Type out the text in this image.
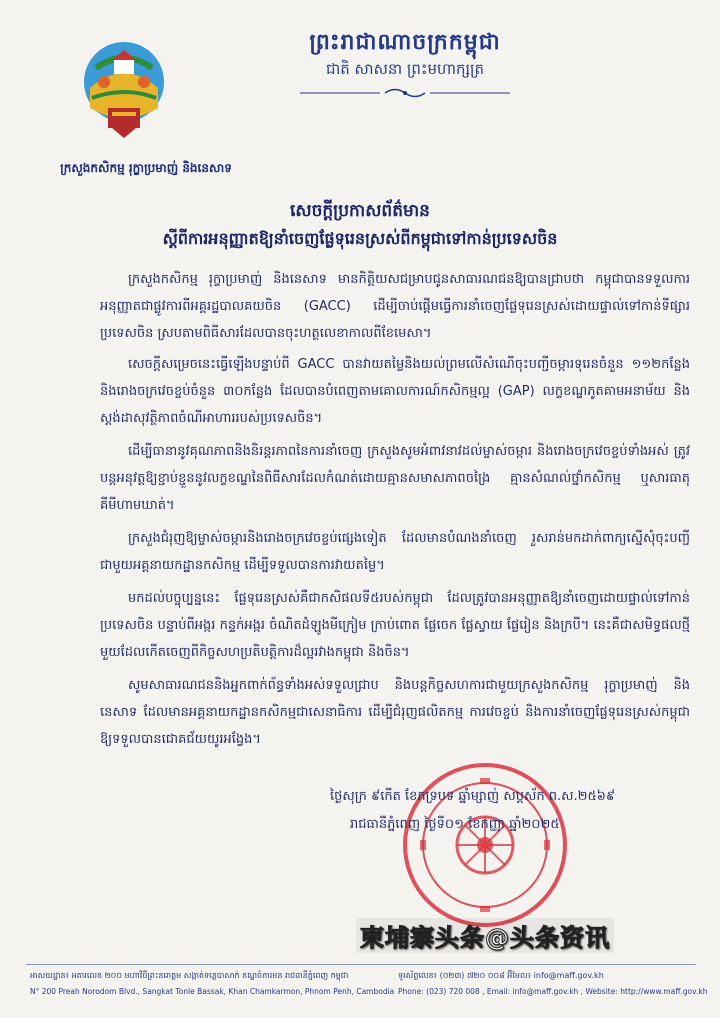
ព្រះរាជាណាចក្រកម្ពុជា
ជាតិ សាសនា ព្រះមហាក្សត្រ
ក្រសួងកសិកម្ម រុក្ខាប្រមាញ់ និងនេសាទ
សេចក្ដីប្រកាសព័ត៌មាន
ស្ដីពីការអនុញ្ញាតឱ្យនាំចេញផ្លែទុរេនស្រស់ពីកម្ពុជាទៅកាន់ប្រទេសចិន

ក្រសួងកសិកម្ម រុក្ខាប្រមាញ់ និងនេសាទ មានកិត្តិយសជម្រាបជូនសាធារណជនឱ្យបានជ្រាបថា កម្ពុជាបានទទួលការអនុញ្ញាតជាផ្លូវការពីអគ្គរដ្ឋបាលគយចិន (GACC) ដើម្បីចាប់ផ្ដើមធ្វើការនាំចេញផ្លែទុរេនស្រស់ដោយផ្ទាល់ទៅកាន់ទីផ្សារប្រទេសចិន ស្របតាមពិធីសារដែលបានចុះហត្ថលេខាកាលពីខែមេសា។

សេចក្ដីសម្រេចនេះធ្វើឡើងបន្ទាប់ពី GACC បានវាយតម្លៃនិងយល់ព្រមលើសំណើចុះបញ្ជីចម្ការទុរេនចំនួន ១១២កន្លែង និងរោងចក្រវេចខ្ចប់ចំនួន ៣០កន្លែង ដែលបានបំពេញតាមគោលការណ៍កសិកម្មល្អ (GAP) លក្ខខណ្ឌភូតគាមអនាម័យ និងស្តង់ដាសុវត្ថិភាពចំណីអាហាររបស់ប្រទេសចិន។

ដើម្បីធានានូវគុណភាពនិងនិរន្តរភាពនៃការនាំចេញ ក្រសួងសូមអំពាវនាវដល់ម្ចាស់ចម្ការ និងរោងចក្រវេចខ្ចប់ទាំងអស់ ត្រូវបន្តអនុវត្តឱ្យខ្ជាប់ខ្ជួននូវលក្ខខណ្ឌនៃពិធីសារដែលកំណត់ដោយគ្មានសមាសភាពចង្រៃ គ្មានសំណល់ថ្នាំកសិកម្ម ឬសារធាតុគីមីហាមឃាត់។

ក្រសួងជំរុញឱ្យម្ចាស់ចម្ការនិងរោងចក្រវេចខ្ចប់ផ្សេងទៀត ដែលមានបំណងនាំចេញ រួសរាន់មកដាក់ពាក្យស្នើសុំចុះបញ្ជីជាមួយអគ្គនាយកដ្ឋានកសិកម្ម ដើម្បីទទួលបានការវាយតម្លៃ។

មកដល់បច្ចុប្បន្ននេះ ផ្លែទុរេនស្រស់គឺជាកសិផលទី៥របស់កម្ពុជា ដែលត្រូវបានអនុញ្ញាតឱ្យនាំចេញដោយផ្ទាល់ទៅកាន់ប្រទេសចិន បន្ទាប់ពីអង្ករ កន្ទក់អង្ករ ចំណិតដំឡូងមីក្រៀម ក្រាប់ពោត ផ្លែចេក ផ្លែស្វាយ ផ្លែរៀន និងក្របី។ នេះគឺជាសមិទ្ធផលថ្មីមួយដែលកើតចេញពីកិច្ចសហប្រតិបត្តិការដ៏ល្អរវាងកម្ពុជា និងចិន។

សូមសាធារណជននិងអ្នកពាក់ព័ន្ធទាំងអស់ទទួលជ្រាប និងបន្តកិច្ចសហការជាមួយក្រសួងកសិកម្ម រុក្ខាប្រមាញ់ និងនេសាទ ដែលមានអគ្គនាយកដ្ឋានកសិកម្មជាសេនាធិការ ដើម្បីជំរុញផលិតកម្ម ការវេចខ្ចប់ និងការនាំចេញផ្លែទុរេនស្រស់កម្ពុជាឱ្យទទួលបានជោគជ័យយូរអង្វែង។

ថ្ងៃសុក្រ ៩កើត ខែភទ្របទ ឆ្នាំម្សាញ់ សប្តស័ក ព.ស.២៥៦៩
រាជធានីភ្នំពេញ ថ្ងៃទី០១ ខែកញ្ញា ឆ្នាំ២០២៥
柬埔寨头条@头条资讯
អាសយដ្ឋាន៖ អគារលេខ ២០០ មហាវិថីព្រះនរោត្តម សង្កាត់ទន្លេបាសាក់ ខណ្ឌចំការមន រាជធានីភ្នំពេញ កម្ពុជា
N° 200 Preah Norodom Blvd., Sangkat Tonle Bassak, Khan Chamkarmon, Phnom Penh, Cambodia
ទូរស័ព្ទលេខ៖ (០២៣) ៧២០ ០០៨ អ៊ីមែល៖ info@maff.gov.kh
Phone: (023) 720 008 , Email: info@maff.gov.kh , Website: http://www.maff.gov.kh
